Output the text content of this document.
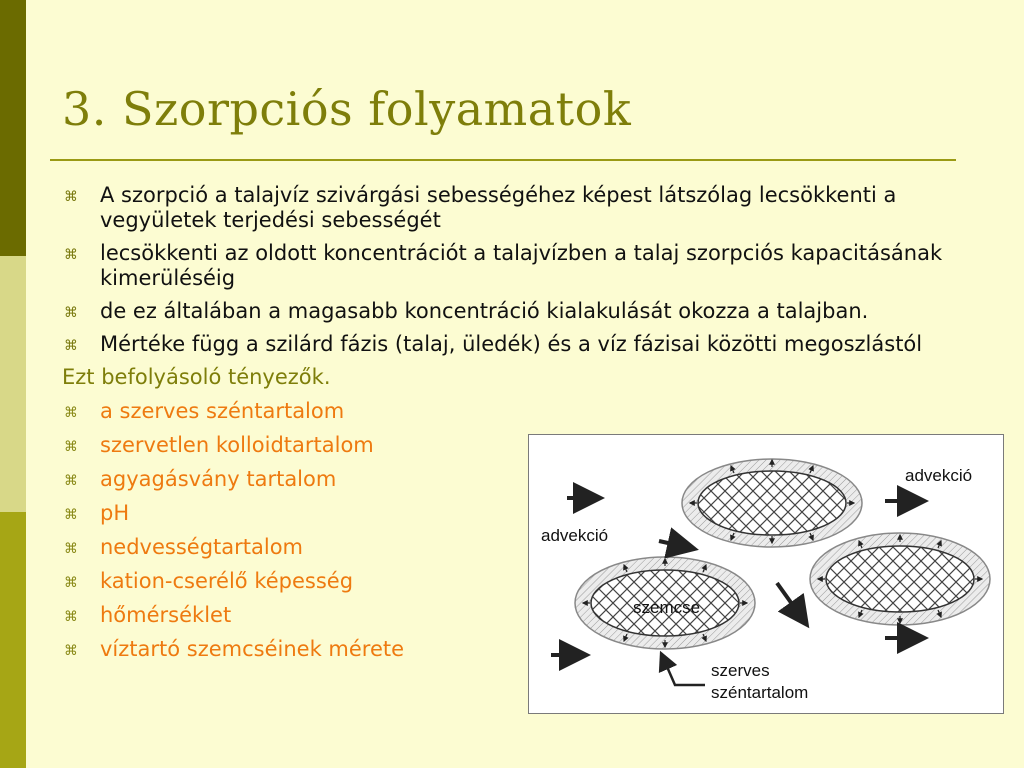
3. Szorpciós folyamatok
⌘ A szorpció a talajvíz szivárgási sebességéhez képest látszólag lecsökkenti a vegyületek terjedési sebességét
⌘ lecsökkenti az oldott koncentrációt a talajvízben a talaj szorpciós kapacitásának kimerüléséig
⌘ de ez általában a magasabb koncentráció kialakulását okozza a talajban.
⌘ Mértéke függ a szilárd fázis (talaj, üledék) és a víz fázisai közötti megoszlástól
Ezt befolyásoló tényezők.
⌘ a szerves széntartalom
⌘ szervetlen kolloidtartalom
⌘ agyagásvány tartalom
⌘ pH
⌘ nedvességtartalom
⌘ kation-cserélő képesség
⌘ hőmérséklet
⌘ víztartó szemcséinek mérete
advekció
advekció
szemcse
szerves
széntartalom
